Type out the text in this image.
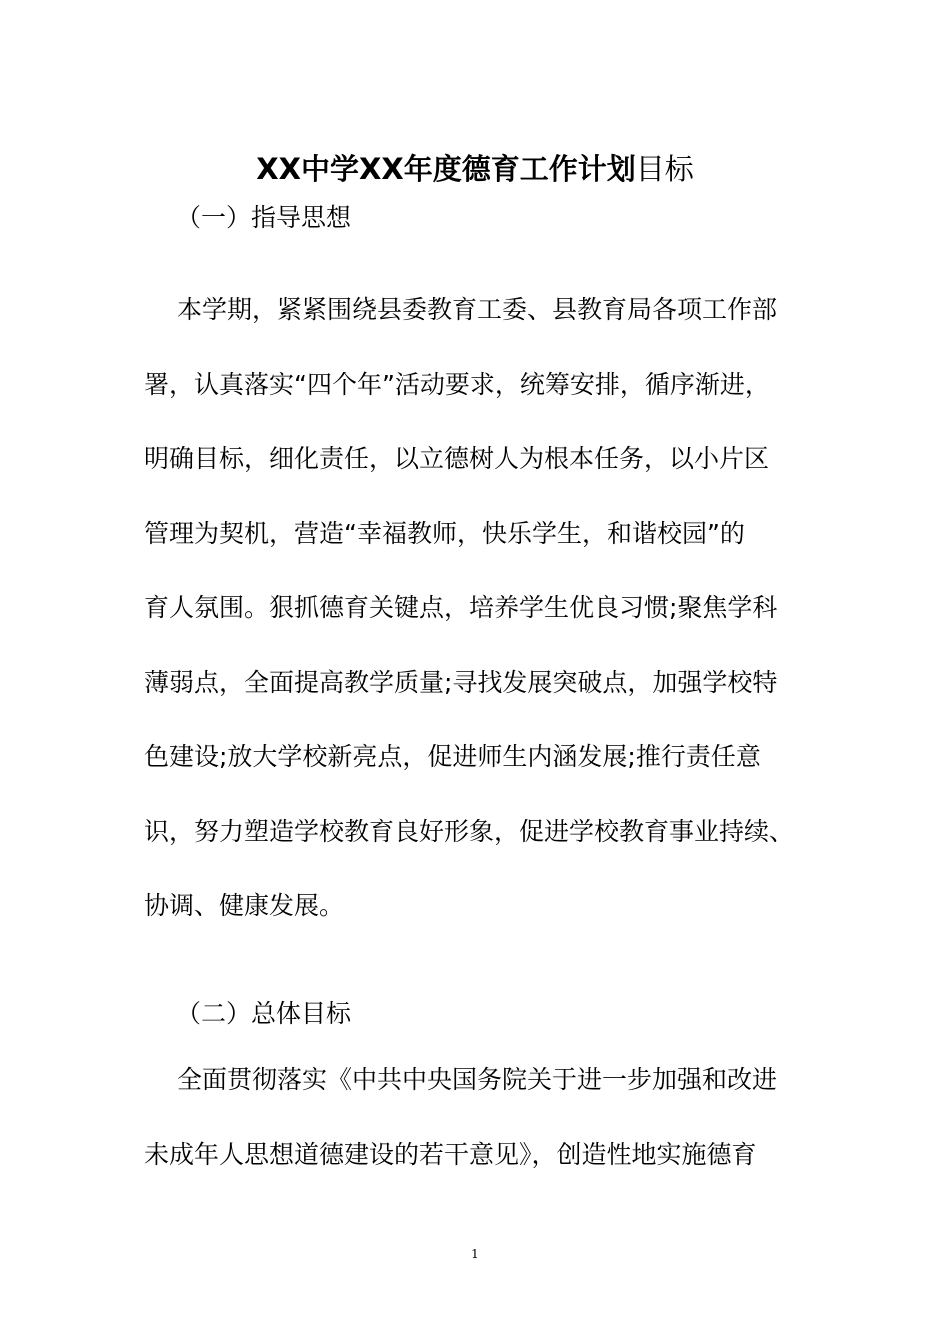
XX中学XX年度德育工作计划目标
（一）指导思想
本学期，紧紧围绕县委教育工委、县教育局各项工作部
署，认真落实“四个年”活动要求，统筹安排，循序渐进，
明确目标，细化责任，以立德树人为根本任务，以小片区
管理为契机，营造“幸福教师，快乐学生，和谐校园”的
育人氛围。狠抓德育关键点，培养学生优良习惯;聚焦学科
薄弱点，全面提高教学质量;寻找发展突破点，加强学校特
色建设;放大学校新亮点，促进师生内涵发展;推行责任意
识，努力塑造学校教育良好形象，促进学校教育事业持续、
协调、健康发展。
（二）总体目标
全面贯彻落实《中共中央国务院关于进一步加强和改进
未成年人思想道德建设的若干意见》，创造性地实施德育
1
